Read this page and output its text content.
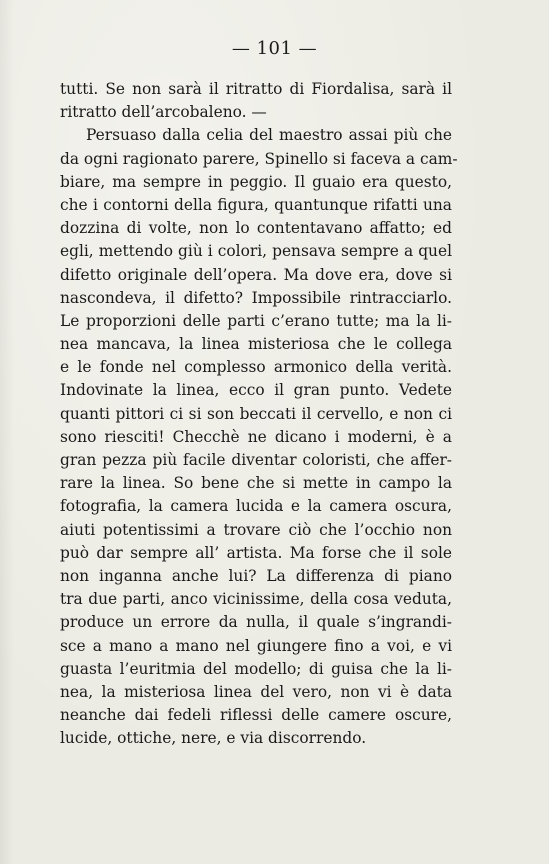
— 101 —
tutti. Se non sarà il ritratto di Fiordalisa, sarà il
ritratto dell’arcobaleno. —
Persuaso dalla celia del maestro assai più che
da ogni ragionato parere, Spinello si faceva a cam-
biare, ma sempre in peggio. Il guaio era questo,
che i contorni della figura, quantunque rifatti una
dozzina di volte, non lo contentavano affatto; ed
egli, mettendo giù i colori, pensava sempre a quel
difetto originale dell’opera. Ma dove era, dove si
nascondeva, il difetto? Impossibile rintracciarlo.
Le proporzioni delle parti c’erano tutte; ma la li-
nea mancava, la linea misteriosa che le collega
e le fonde nel complesso armonico della verità.
Indovinate la linea, ecco il gran punto. Vedete
quanti pittori ci si son beccati il cervello, e non ci
sono riesciti! Checchè ne dicano i moderni, è a
gran pezza più facile diventar coloristi, che affer-
rare la linea. So bene che si mette in campo la
fotografia, la camera lucida e la camera oscura,
aiuti potentissimi a trovare ciò che l’occhio non
può dar sempre all’ artista. Ma forse che il sole
non inganna anche lui? La differenza di piano
tra due parti, anco vicinissime, della cosa veduta,
produce un errore da nulla, il quale s’ingrandi-
sce a mano a mano nel giungere fino a voi, e vi
guasta l’euritmia del modello; di guisa che la li-
nea, la misteriosa linea del vero, non vi è data
neanche dai fedeli riflessi delle camere oscure,
lucide, ottiche, nere, e via discorrendo.
